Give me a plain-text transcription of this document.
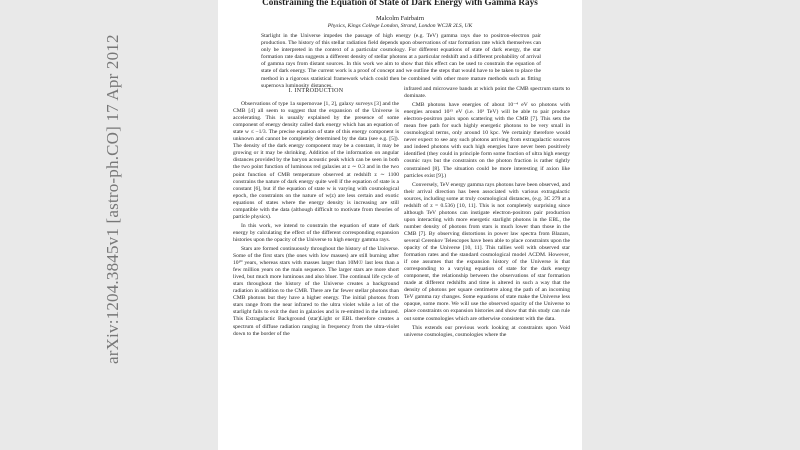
arXiv:1204.3845v1 [astro-ph.CO] 17 Apr 2012
Constraining the Equation of State of Dark Energy with Gamma Rays
Malcolm Fairbairn
Physics, Kings College London, Strand, London WC2R 2LS, UK

Starlight in the Universe impedes the passage of high energy (e.g. TeV) gamma rays due to positron-electron pair production. The history of this stellar radiation field depends upon observations of star formation rate which themselves can only be interpreted in the context of a particular cosmology. For different equations of state of dark energy, the star formation rate data suggests a different density of stellar photons at a particular redshift and a different probability of arrival of gamma rays from distant sources. In this work we aim to show that this effect can be used to constrain the equation of state of dark energy. The current work is a proof of concept and we outline the steps that would have to be taken to place the method in a rigorous statistical framework which could then be combined with other more mature methods such as fitting supernova luminosity distances.

I. INTRODUCTION

Observations of type 1a supernovae [1, 2], galaxy surveys [3] and the CMB [4] all seem to suggest that the expansion of the Universe is accelerating. This is usually explained by the presence of some component of energy density called dark energy which has an equation of state w ≤ −1/3. The precise equation of state of this energy component is unknown and cannot be completely determined by the data (see e.g. [5]). The density of the dark energy component may be a constant, it may be growing or it may be shrinking. Addition of the information on angular distances provided by the baryon acoustic peak which can be seen in both the two point function of luminous red galaxies at z ∼ 0.3 and in the two point function of CMB temperature observed at redshift z ∼ 1100 constrains the nature of dark energy quite well if the equation of state is a constant [6], but if the equation of state w is varying with cosmological epoch, the constraints on the nature of w(z) are less certain and exotic equations of states where the energy density is increasing are still compatible with the data (although difficult to motivate from theories of particle physics).

In this work, we intend to constrain the equation of state of dark energy by calculating the effect of the different corresponding expansion histories upon the opacity of the Universe to high energy gamma rays.

Stars are formed continuously throughout the history of the Universe. Some of the first stars (the ones with low masses) are still burning after 10¹⁰ years, whereas stars with masses larger than 10M☉ last less than a few million years on the main sequence. The larger stars are more short lived, but much more luminous and also bluer. The continual life cycle of stars throughout the history of the Universe creates a background radiation in addition to the CMB. There are far fewer stellar photons than CMB photons but they have a higher energy. The initial photons from stars range from the near infrared to the ultra violet while a lot of the starlight fails to exit the dust in galaxies and is re-emitted in the infrared. This Extragalactic Background (star)Light or EBL therefore creates a spectrum of diffuse radiation ranging in frequency from the ultra-violet down to the border of the

infrared and microwave bands at which point the CMB spectrum starts to dominate.

CMB photons have energies of about 10⁻⁴ eV so photons with energies around 10¹⁵ eV (i.e. 10³ TeV) will be able to pair produce electron-positron pairs upon scattering with the CMB [7]. This sets the mean free path for such highly energetic photons to be very small in cosmological terms, only around 10 kpc. We certainly therefore would never expect to see any such photons arriving from extragalactic sources and indeed photons with such high energies have never been positively identified (they could in principle form some fraction of ultra high energy cosmic rays but the constraints on the photon fraction is rather tightly constrained [8]. The situation could be more interesting if axion like particles exist [9].)

Conversely, TeV energy gamma rays photons have been observed, and their arrival direction has been associated with various extragalactic sources, including some at truly cosmological distances, (e.g. 3C 279 at a redshift of z = 0.536) [10, 11]. This is not completely surprising since although TeV photons can instigate electron-positron pair production upon interacting with more energetic starlight photons in the EBL, the number density of photons from stars is much lower than those in the CMB [7]. By observing distortions in power law spectra from Blazars, several Cerenkov Telescopes have been able to place constraints upon the opacity of the Universe [10, 11]. This tallies well with observed star formation rates and the standard cosmological model ΛCDM. However, if one assumes that the expansion history of the Universe is that corresponding to a varying equation of state for the dark energy component, the relationship between the observations of star formation made at different redshifts and time is altered in such a way that the density of photons per square centimetre along the path of an incoming TeV gamma ray changes. Some equations of state make the Universe less opaque, some more. We will use the observed opacity of the Universe to place constraints on expansion histories and show that this study can rule out some cosmologies which are otherwise consistent with the data.

This extends our previous work looking at constraints upon Void universe cosmologies, cosmologies where the
